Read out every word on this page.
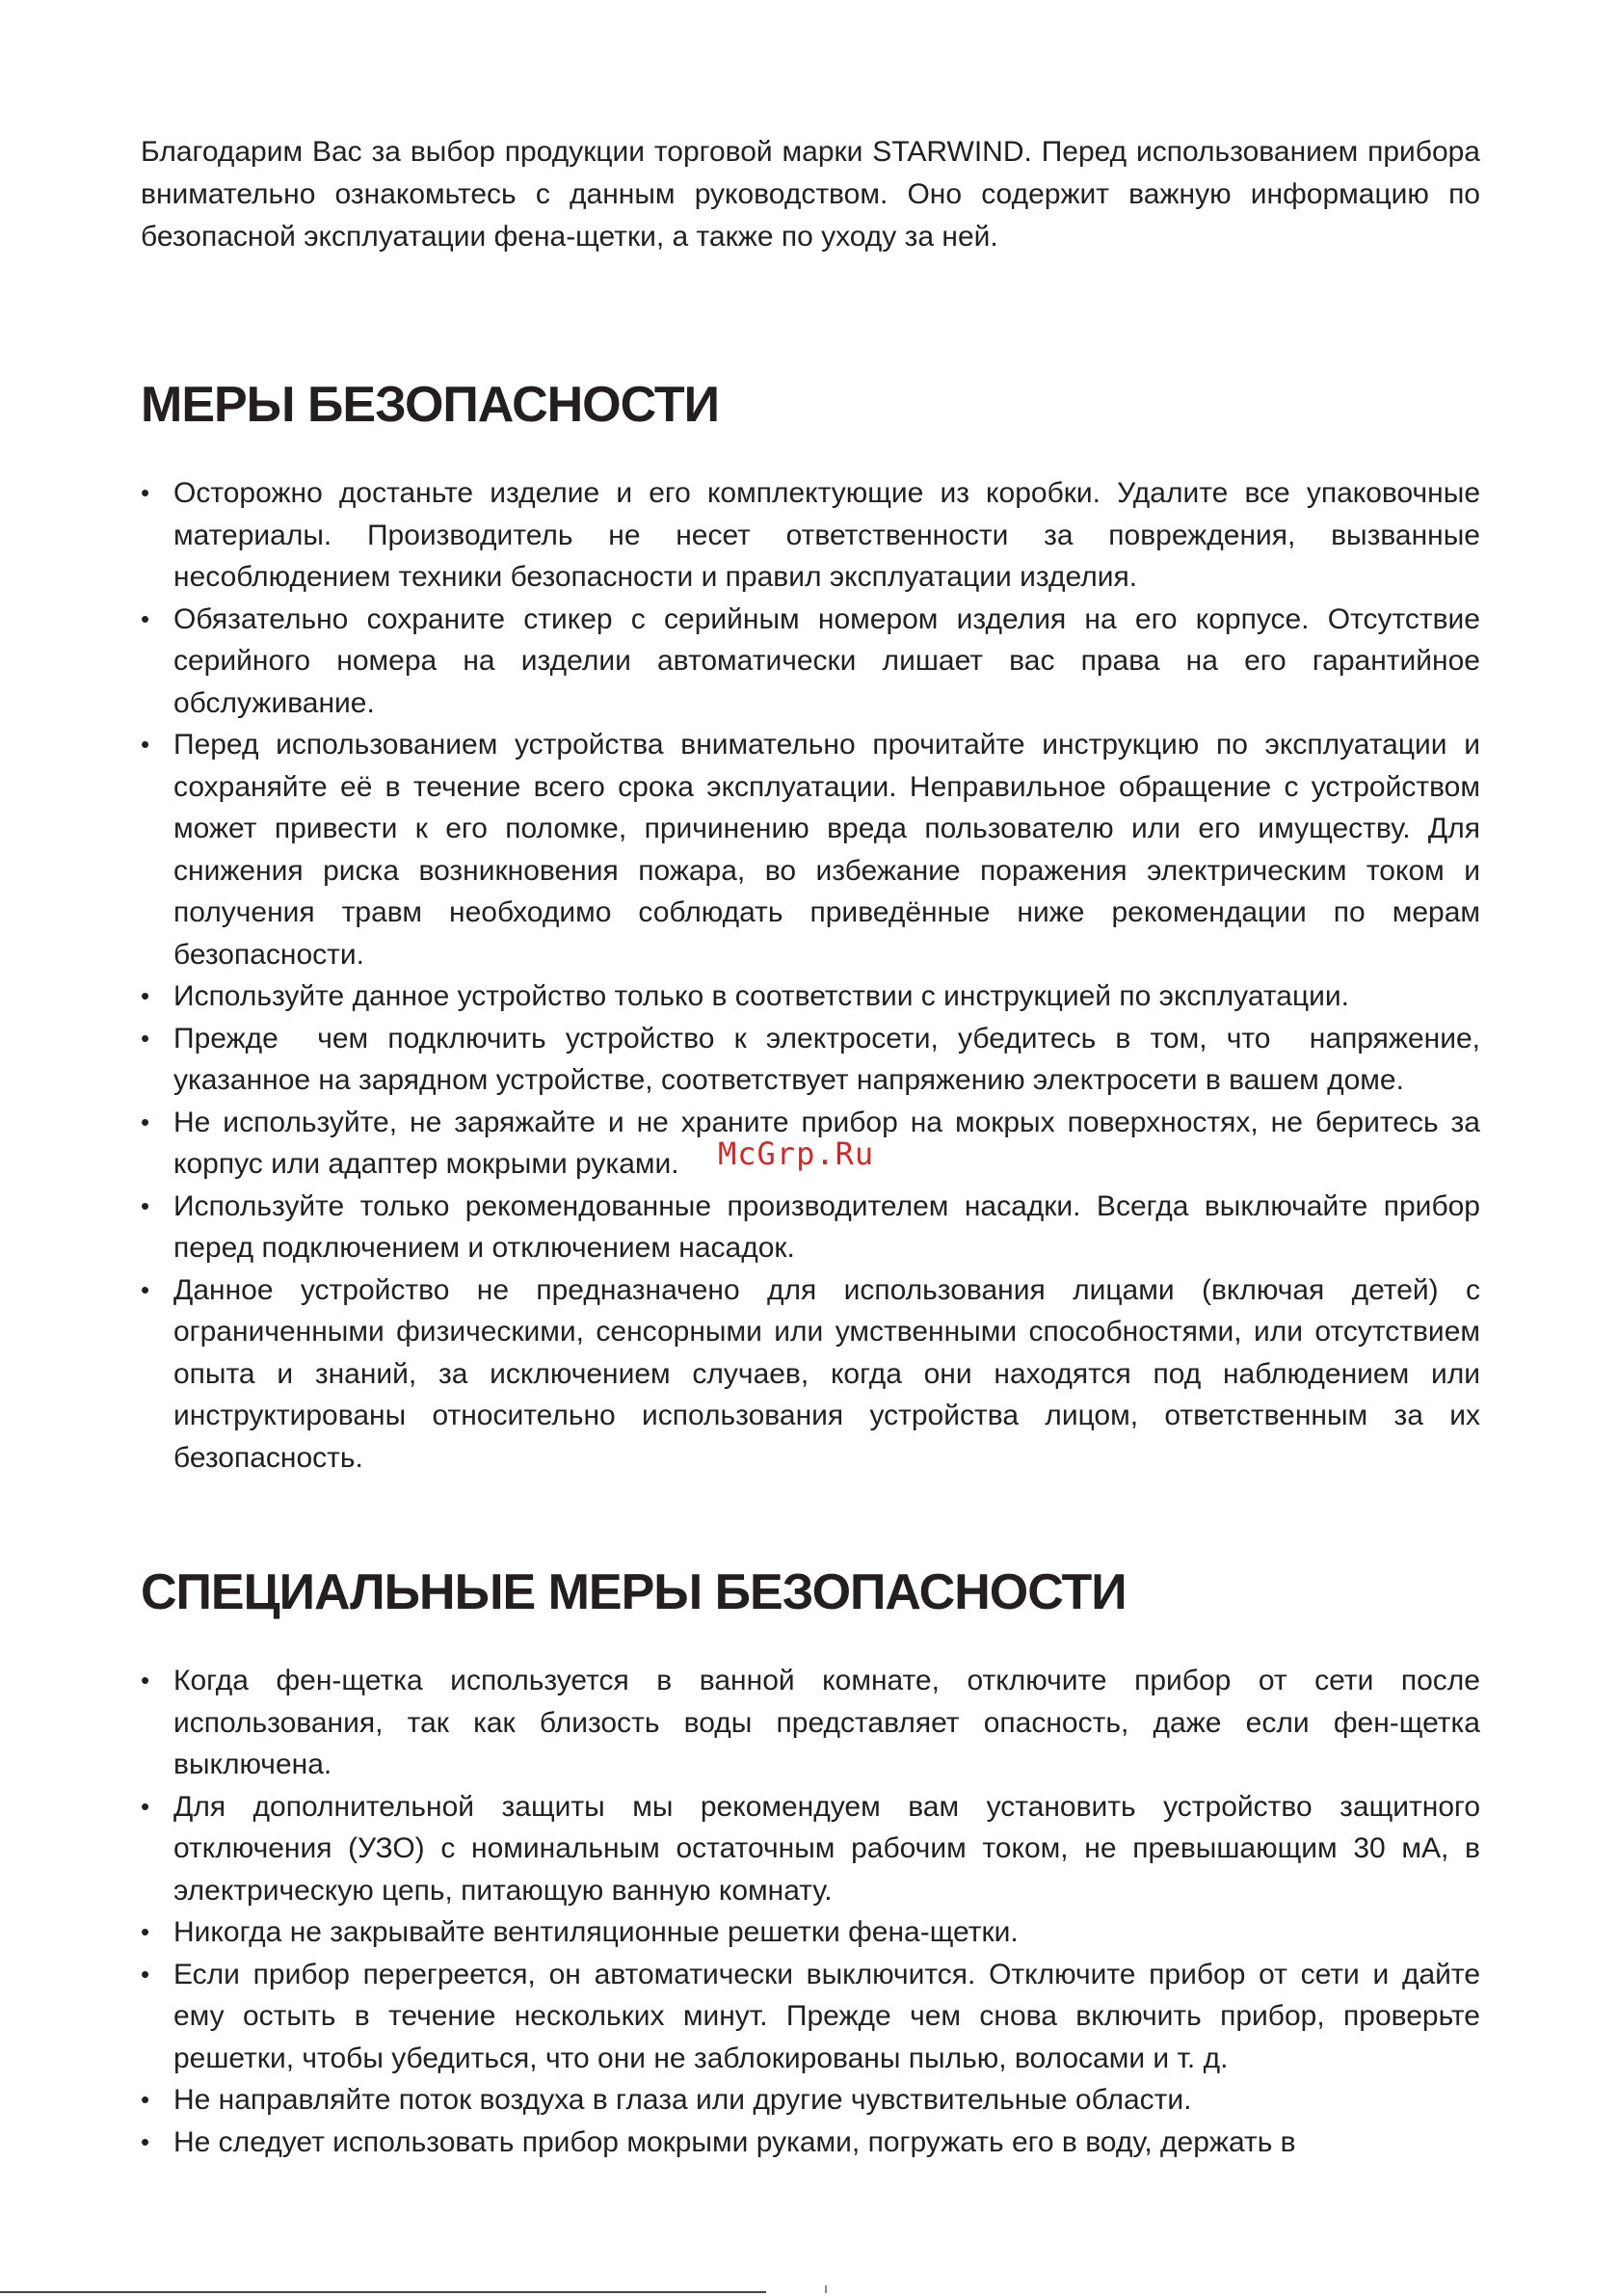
Благодарим Вас за выбор продукции торговой марки STARWIND. Перед использованием прибора внимательно ознакомьтесь с данным руководством. Оно содержит важную информацию по безопасной эксплуатации фена-щетки, а также по уходу за ней.

МЕРЫ БЕЗОПАСНОСТИ
• Осторожно достаньте изделие и его комплектующие из коробки. Удалите все упаковочные материалы. Производитель не несет ответственности за повреждения, вызванные несоблюдением техники безопасности и правил эксплуатации изделия.
• Обязательно сохраните стикер с серийным номером изделия на его корпусе. Отсутствие серийного номера на изделии автоматически лишает вас права на его гарантийное обслуживание.
• Перед использованием устройства внимательно прочитайте инструкцию по эксплуатации и сохраняйте её в течение всего срока эксплуатации. Неправильное обращение с устройством может привести к его поломке, причинению вреда пользователю или его имуществу. Для снижения риска возникновения пожара, во избежание поражения электрическим током и получения травм необходимо соблюдать приведённые ниже рекомендации по мерам безопасности.
• Используйте данное устройство только в соответствии с инструкцией по эксплуатации.
• Прежде  чем подключить устройство к электросети, убедитесь в том, что  напряжение, указанное на зарядном устройстве, соответствует напряжению электросети в вашем доме.
• Не используйте, не заряжайте и не храните прибор на мокрых поверхностях, не беритесь за корпус или адаптер мокрыми руками.
• Используйте только рекомендованные производителем насадки. Всегда выключайте прибор перед подключением и отключением насадок.
• Данное устройство не предназначено для использования лицами (включая детей) с ограниченными физическими, сенсорными или умственными способностями, или отсутствием опыта и знаний, за исключением случаев, когда они находятся под наблюдением или инструктированы относительно использования устройства лицом, ответственным за их безопасность.
СПЕЦИАЛЬНЫЕ МЕРЫ БЕЗОПАСНОСТИ
• Когда фен-щетка используется в ванной комнате, отключите прибор от сети после использования, так как близость воды представляет опасность, даже если фен-щетка выключена.
• Для дополнительной защиты мы рекомендуем вам установить устройство защитного отключения (УЗО) с номинальным остаточным рабочим током, не превышающим 30 мА, в электрическую цепь, питающую ванную комнату.
• Никогда не закрывайте вентиляционные решетки фена-щетки.
• Если прибор перегреется, он автоматически выключится. Отключите прибор от сети и дайте ему остыть в течение нескольких минут. Прежде чем снова включить прибор, проверьте решетки, чтобы убедиться, что они не заблокированы пылью, волосами и т. д.
• Не направляйте поток воздуха в глаза или другие чувствительные области.
• Не следует использовать прибор мокрыми руками, погружать его в воду, держать в
McGrp.Ru
